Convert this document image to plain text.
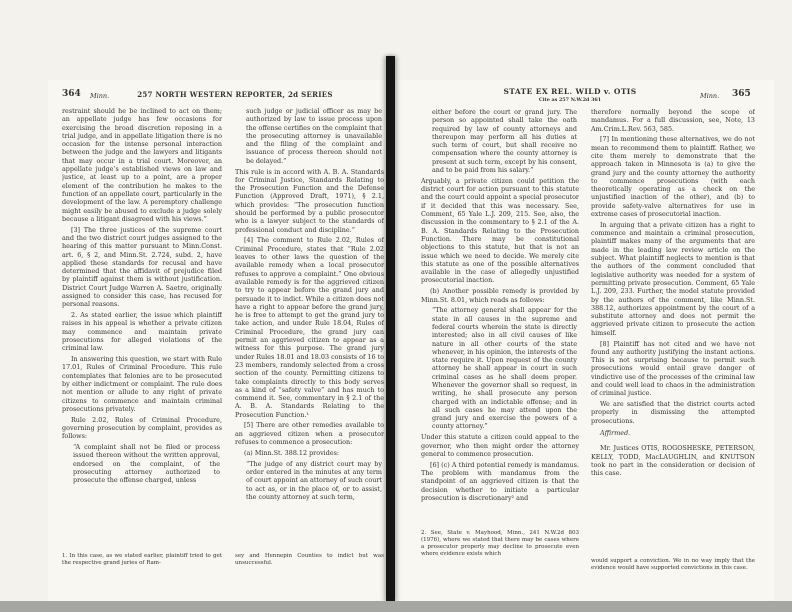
364 Minn.	257 NORTH WESTERN REPORTER, 2d SERIES	STATE EX REL. WILD v. OTIS
Cite as 257 N.W.2d 361	Minn. 365

restraint should he be inclined to act on them; an appellate judge has few occasions for exercising the broad discretion reposing in a trial judge, and in appellate litigation there is no occasion for the intense personal interaction between the judge and the lawyers and litigants that may occur in a trial court. Moreover, an appellate judge’s established views on law and justice, at least up to a point, are a proper element of the contribution he makes to the function of an appellate court, particularly in the development of the law. A peremptory challenge might easily be abused to exclude a judge solely because a litigant disagreed with his views.”

[3] The three justices of the supreme court and the two district court judges assigned to the hearing of this matter pursuant to Minn.Const. art. 6, § 2, and Minn.St. 2.724, subd. 2, have applied these standards for recusal and have determined that the affidavit of prejudice filed by plaintiff against them is without justification. District Court Judge Warren A. Saetre, originally assigned to consider this case, has recused for personal reasons.

2. As stated earlier, the issue which plaintiff raises in his appeal is whether a private citizen may commence and maintain private prosecutions for alleged violations of the criminal law.

In answering this question, we start with Rule 17.01, Rules of Criminal Procedure. This rule contemplates that felonies are to be prosecuted by either indictment or complaint. The rule does not mention or allude to any right of private citizens to commence and maintain criminal prosecutions privately.

Rule 2.02, Rules of Criminal Procedure, governing prosecution by complaint, provides as follows:

“A complaint shall not be filed or process issued thereon without the written approval, endorsed on the complaint, of the prosecuting attorney authorized to prosecute the offense charged, unless

such judge or judicial officer as may be authorized by law to issue process upon the offense certifies on the complaint that the prosecuting attorney is unavailable and the filing of the complaint and issuance of process thereon should not be delayed.”

This rule is in accord with A. B. A. Standards for Criminal Justice, Standards Relating to the Prosecution Function and the Defense Function (Approved Draft, 1971), § 2.1, which provides: “The prosecution function should be performed by a public prosecutor who is a lawyer subject to the standards of professional conduct and discipline.”

[4] The comment to Rule 2.02, Rules of Criminal Procedure, states that “Rule 2.02 leaves to other laws the question of the available remedy when a local prosecutor refuses to approve a complaint.” One obvious available remedy is for the aggrieved citizen to try to appear before the grand jury and persuade it to indict. While a citizen does not have a right to appear before the grand jury, he is free to attempt to get the grand jury to take action, and under Rule 18.04, Rules of Criminal Procedure, the grand jury can permit an aggrieved citizen to appear as a witness for this purpose. The grand jury under Rules 18.01 and 18.03 consists of 16 to 23 members, randomly selected from a cross section of the county. Permitting citizens to take complaints directly to this body serves as a kind of “safety valve” and has much to commend it. See, commentary in § 2.1 of the A. B. A. Standards Relating to the Prosecution Function.¹

[5] There are other remedies available to an aggrieved citizen when a prosecutor refuses to commence a prosecution:

(a) Minn.St. 388.12 provides:

“The judge of any district court may by order entered in the minutes at any term of court appoint an attorney of such court to act as, or in the place of, or to assist, the county attorney at such term,

either before the court or grand jury. The person so appointed shall take the oath required by law of county attorneys and thereupon may perform all his duties at such term of court, but shall receive no compensation where the county attorney is present at such term, except by his consent, and to be paid from his salary.”

Arguably, a private citizen could petition the district court for action pursuant to this statute and the court could appoint a special prosecutor if it decided that this was necessary. See, Comment, 65 Yale L.J. 209, 215. See, also, the discussion in the commentary to § 2.1 of the A. B. A. Standards Relating to the Prosecution Function. There may be constitutional objections to this statute, but that is not an issue which we need to decide. We merely cite this statute as one of the possible alternatives available in the case of allegedly unjustified prosecutorial inaction.

(b) Another possible remedy is provided by Minn.St. 8.01, which reads as follows:

“The attorney general shall appear for the state in all causes in the supreme and federal courts wherein the state is directly interested; also in all civil causes of like nature in all other courts of the state whenever, in his opinion, the interests of the state require it. Upon request of the county attorney he shall appear in court in such criminal cases as he shall deem proper. Whenever the governor shall so request, in writing, he shall prosecute any person charged with an indictable offense; and in all such cases he may attend upon the grand jury and exercise the powers of a county attorney.”

Under this statute a citizen could appeal to the governor, who then might order the attorney general to commence prosecution.

[6] (c) A third potential remedy is mandamus. The problem with mandamus from the standpoint of an aggrieved citizen is that the decision whether to initiate a particular prosecution is discretionary² and

therefore normally beyond the scope of mandamus. For a full discussion, see, Note, 13 Am.Crim.L.Rev. 563, 585.

[7] In mentioning these alternatives, we do not mean to recommend them to plaintiff. Rather, we cite them merely to demonstrate that the approach taken in Minnesota is (a) to give the grand jury and the county attorney the authority to commence prosecutions (with each theoretically operating as a check on the unjustified inaction of the other), and (b) to provide safety-valve alternatives for use in extreme cases of prosecutorial inaction.

In arguing that a private citizen has a right to commence and maintain a criminal prosecution, plaintiff makes many of the arguments that are made in the leading law review article on the subject. What plaintiff neglects to mention is that the authors of the comment concluded that legislative authority was needed for a system of permitting private prosecution. Comment, 65 Yale L.J. 209, 233. Further, the model statute provided by the authors of the comment, like Minn.St. 388.12, authorizes appointment by the court of a substitute attorney and does not permit the aggrieved private citizen to prosecute the action himself.

[8] Plaintiff has not cited and we have not found any authority justifying the instant actions. This is not surprising because to permit such prosecutions would entail grave danger of vindictive use of the processes of the criminal law and could well lead to chaos in the administration of criminal justice.

We are satisfied that the district courts acted properly in dismissing the attempted prosecutions.

Affirmed.

Mr. Justices OTIS, ROGOSHESKE, PETERSON, KELLY, TODD, MacLAUGHLIN, and KNUTSON took no part in the consideration or decision of this case.

1. In this case, as we stated earlier, plaintiff tried to get the respective grand juries of Ram-
sey and Hennepin Counties to indict but was unsuccessful.
2. See, State v. Mayhood, Minn., 241 N.W.2d 803 (1976), where we stated that there may be cases where a prosecutor properly may decline to prosecute even where evidence exists which
would support a conviction. We in no way imply that the evidence would have supported convictions in this case.
